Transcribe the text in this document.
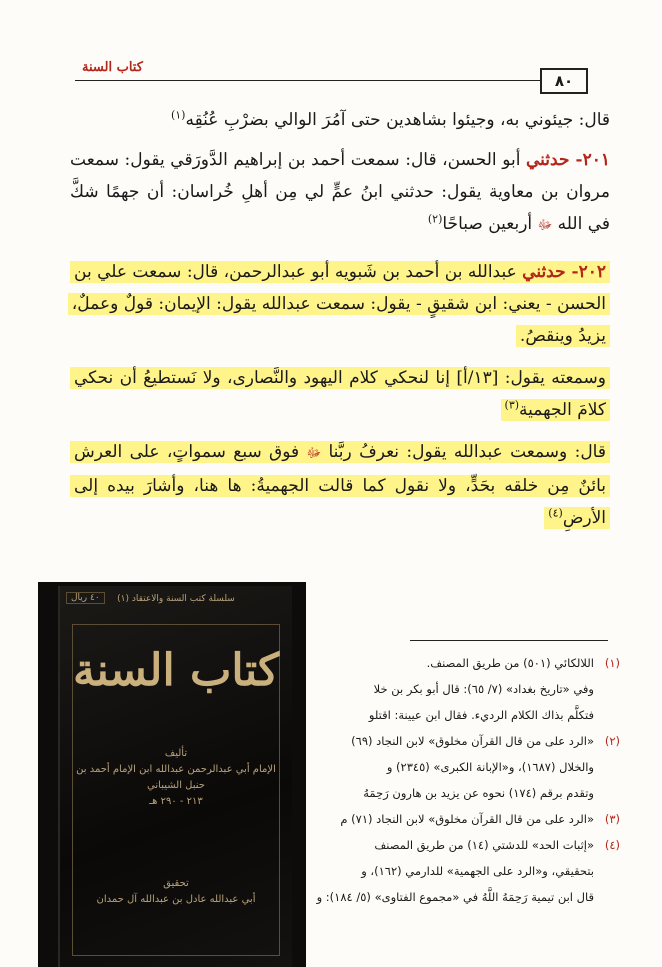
كتاب السنة
٨٠

قال: جيئوني به، وجيئوا بشاهدين حتى آمُرَ الوالي بضرْبِ عُنُقِه$^{(١)}$

٢٠١- حدثني أبو الحسن، قال: سمعت أحمد بن إبراهيم الدَّورَقي يقول: سمعت مروان بن معاوية يقول: حدثني ابنُ عمٍّ لي مِن أهلِ خُراسان: أن جهمًا شكَّ في الله ﷻ أربعين صباحًا$^{(٢)}$

٢٠٢- حدثني عبدالله بن أحمد بن شَبويه أبو عبدالرحمن، قال: سمعت علي بن الحسن - يعني: ابن شقيقٍ - يقول: سمعت عبدالله يقول: الإيمان: قولٌ وعملٌ، يزيدُ وينقصُ.

وسمعته يقول: [١٣/أ] إنا لنحكي كلام اليهود والنَّصارى، ولا نَستطيعُ أن نحكي كلامَ الجهمية$^{(٣)}$

قال: وسمعت عبدالله يقول: نعرفُ ربَّنا ﷻ فوق سبع سمواتٍ، على العرش بائنٌ مِن خلقه بحَدٍّ، ولا نقول كما قالت الجهميةُ: ها هنا، وأشارَ بيده إلى الأرضِ$^{(٤)}$

(١)اللالكائي (٥٠١) من طريق المصنف.

وفي «تاريخ بغداد» (٧/ ٦٥): قال أبو بكر بن خلا

فتكلَّم بذاك الكلام الرديء. فقال ابن عيينة: اقتلو

(٢)«الرد على من قال القرآن مخلوق» لابن النجاد (٦٩)

والخلال (١٦٨٧)، و«الإبانة الكبرى» (٢٣٤٥) و

وتقدم برقم (١٧٤) نحوه عن يزيد بن هارون رَحِمَهُ

(٣)«الرد على من قال القرآن مخلوق» لابن النجاد (٧١) م

(٤)«إثبات الحد» للدشتي (١٤) من طريق المصنف

بتحقيقي، و«الرد على الجهمية» للدارمي (١٦٢)، و

قال ابن تيمية رَحِمَهُ اللَّهُ في «مجموع الفتاوى» (٥/ ١٨٤): و

سلسلة كتب السنة والاعتقاد (١)
٤٠ ريال
كتاب السنة
تأليف
الإمام أبي عبدالرحمن عبدالله ابن الإمام أحمد بن حنبل الشيباني
٢١٣ - ٢٩٠ هـ
تحقيق
أبي عبدالله عادل بن عبدالله آل حمدان
